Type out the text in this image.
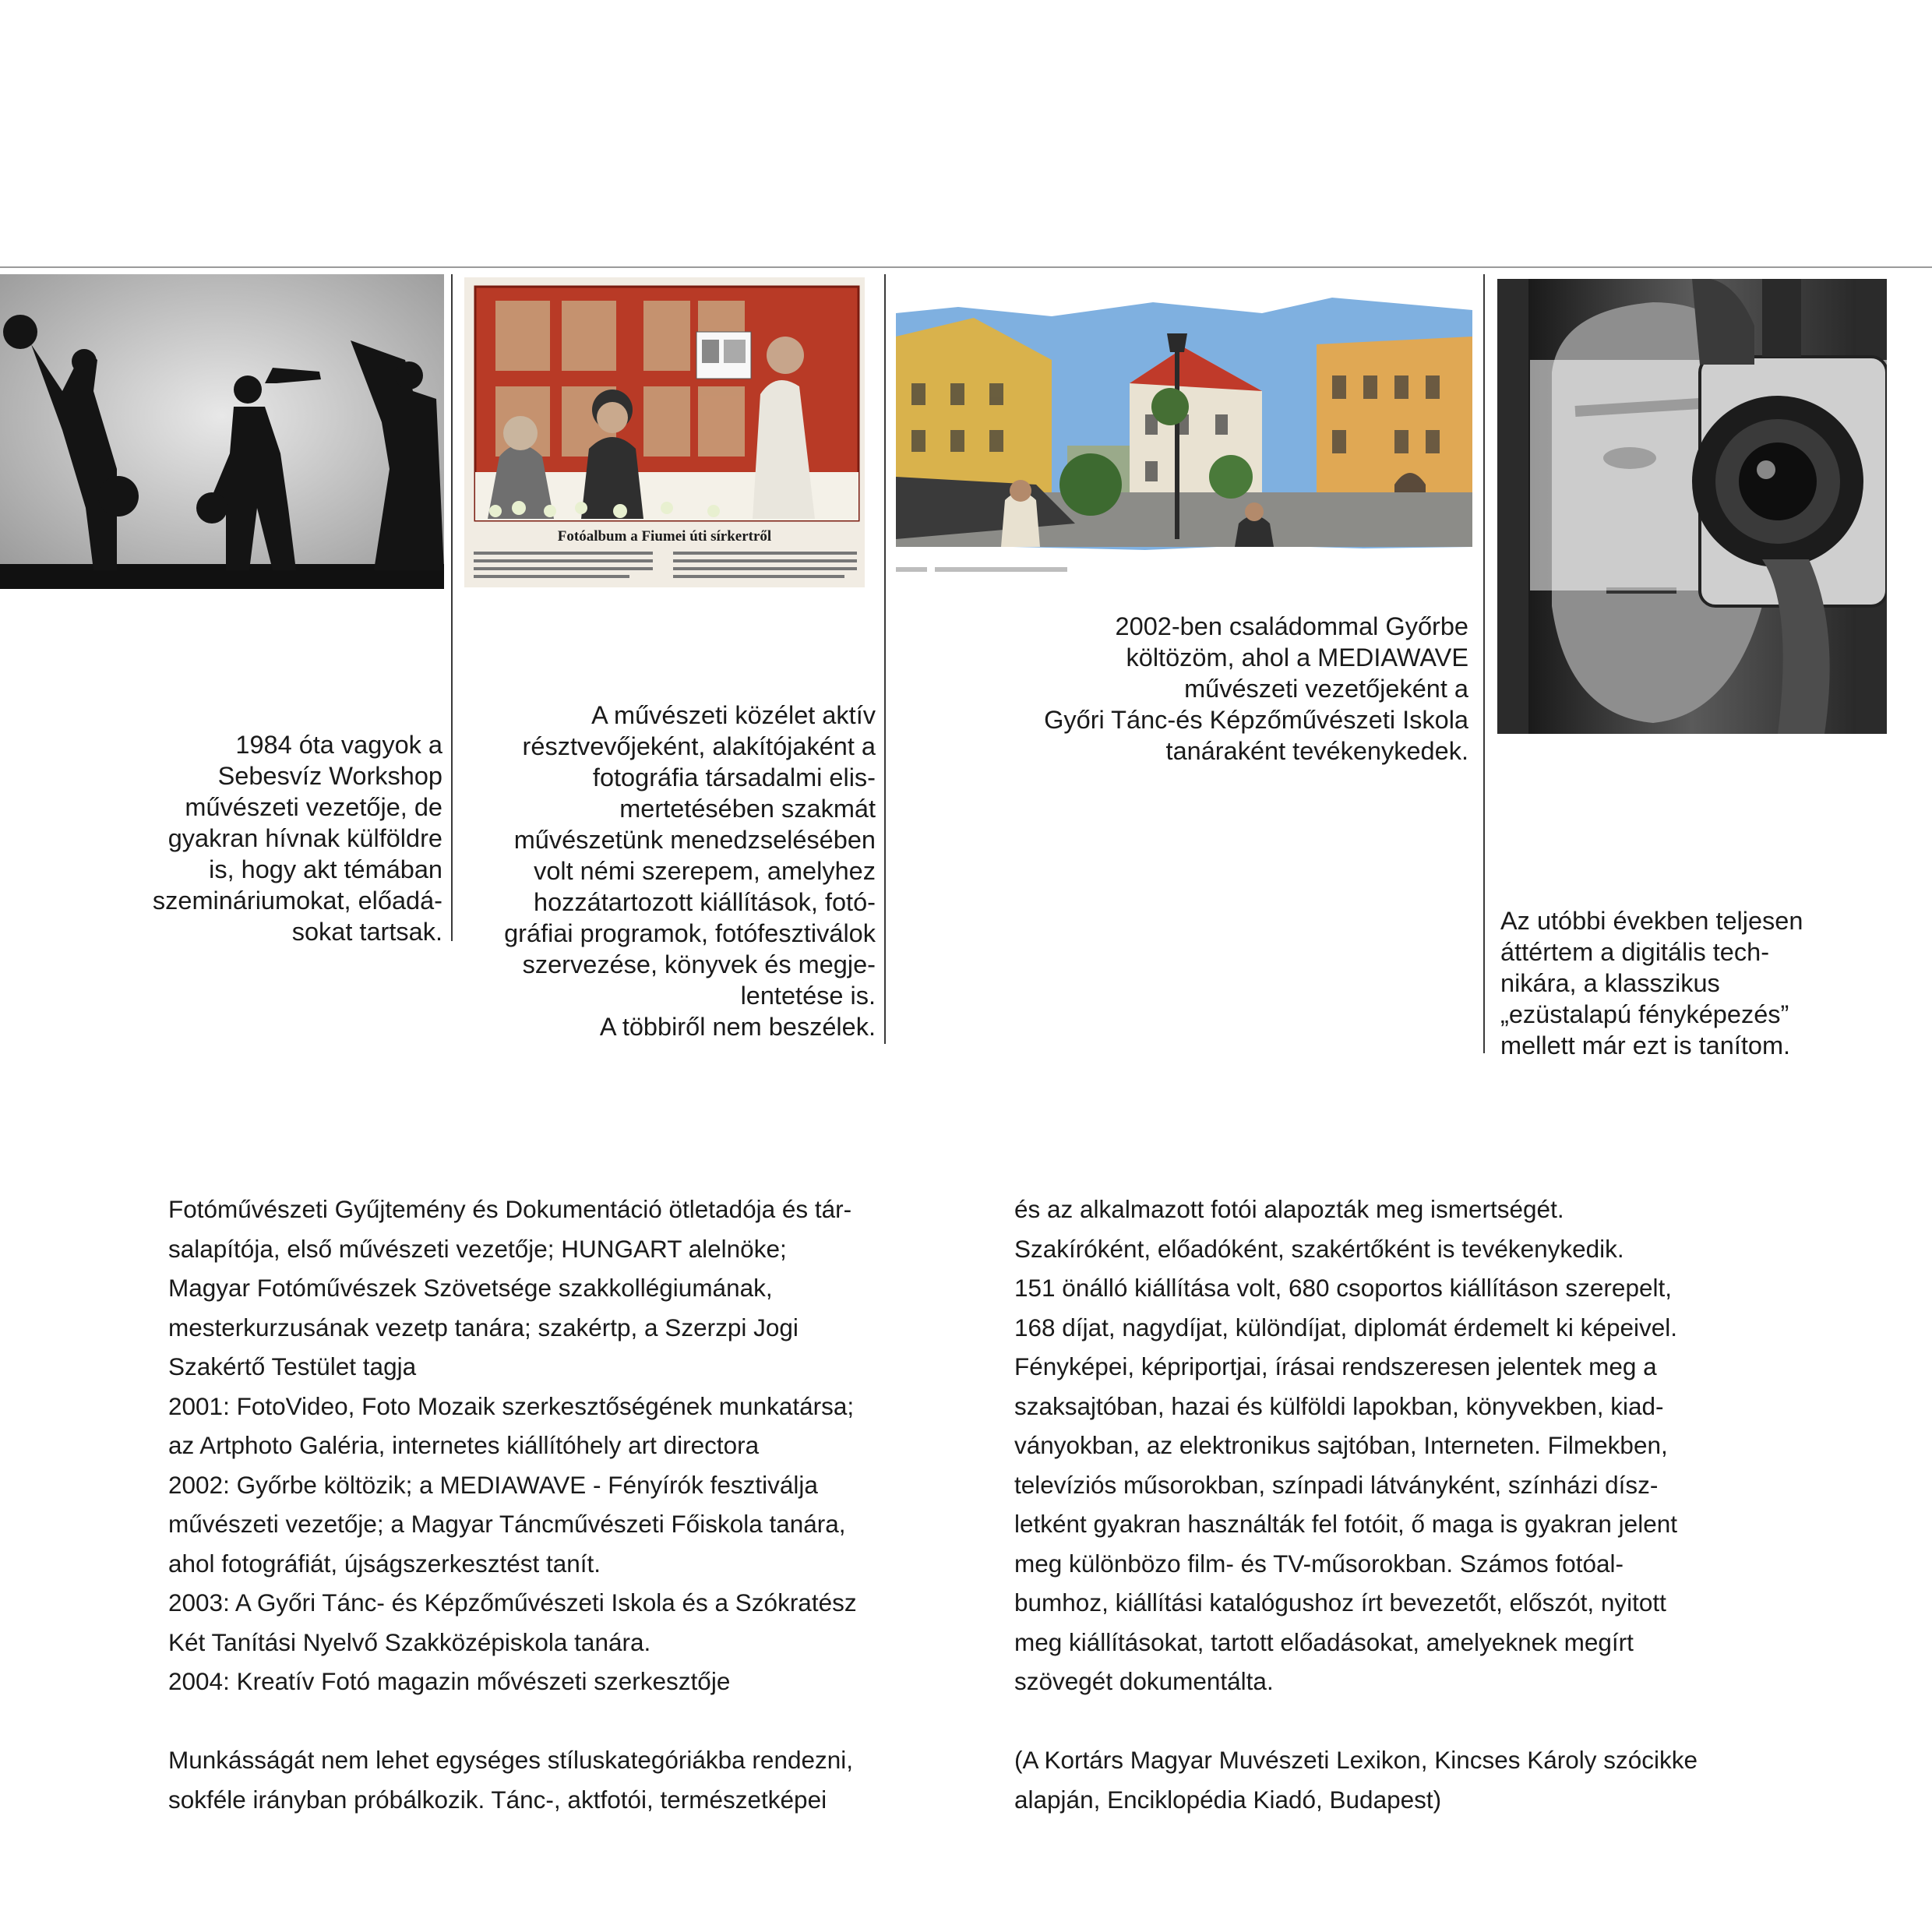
Fotóalbum a Fiumei úti sírkertről
1984 óta vagyok a
Sebesvíz Workshop
művészeti vezetője, de
gyakran hívnak külföldre
is, hogy akt témában
szemináriumokat, előadá-
sokat tartsak.
A művészeti közélet aktív
résztvevőjeként, alakítójaként a
fotográfia társadalmi elis-
mertetésében szakmát
művészetünk menedzselésében
volt némi szerepem, amelyhez
hozzátartozott kiállítások, fotó-
gráfiai programok, fotófesztiválok
szervezése, könyvek és megje-
lentetése is.
A többiről nem beszélek.
2002-ben családommal Győrbe
költözöm, ahol a MEDIAWAVE
művészeti vezetőjeként a
Győri Tánc-és Képzőművészeti Iskola
tanáraként tevékenykedek.
Az utóbbi években teljesen
áttértem a digitális tech-
nikára, a klasszikus
„ezüstalapú fényképezés”
mellett már ezt is tanítom.
Fotóművészeti Gyűjtemény és Dokumentáció ötletadója és tár-
salapítója, első művészeti vezetője; HUNGART alelnöke;
Magyar Fotóművészek Szövetsége szakkollégiumának,
mesterkurzusának vezetp tanára; szakértp, a Szerzpi Jogi
Szakértő Testület tagja
2001: FotoVideo, Foto Mozaik szerkesztőségének munkatársa;
az Artphoto Galéria, internetes kiállítóhely art directora
2002: Győrbe költözik; a MEDIAWAVE - Fényírók fesztiválja
művészeti vezetője; a Magyar Táncművészeti Főiskola tanára,
ahol fotográfiát, újságszerkesztést tanít.
2003: A Győri Tánc- és Képzőművészeti Iskola és a Szókratész
Két Tanítási Nyelvő Szakközépiskola tanára.
2004: Kreatív Fotó magazin mővészeti szerkesztője
Munkásságát nem lehet egységes stíluskategóriákba rendezni,
sokféle irányban próbálkozik. Tánc-, aktfotói, természetképei
és az alkalmazott fotói alapozták meg ismertségét.
Szakíróként, előadóként, szakértőként is tevékenykedik.
151 önálló kiállítása volt, 680 csoportos kiállításon szerepelt,
168 díjat, nagydíjat, különdíjat, diplomát érdemelt ki képeivel.
Fényképei, képriportjai, írásai rendszeresen jelentek meg a
szaksajtóban, hazai és külföldi lapokban, könyvekben, kiad-
ványokban, az elektronikus sajtóban, Interneten. Filmekben,
televíziós műsorokban, színpadi látványként, színházi dísz-
letként gyakran használták fel fotóit, ő maga is gyakran jelent
meg különbözo film- és TV-műsorokban. Számos fotóal-
bumhoz, kiállítási katalógushoz írt bevezetőt, előszót, nyitott
meg kiállításokat, tartott előadásokat, amelyeknek megírt
szövegét dokumentálta.
(A Kortárs Magyar Muvészeti Lexikon, Kincses Károly szócikke
alapján, Enciklopédia Kiadó, Budapest)
